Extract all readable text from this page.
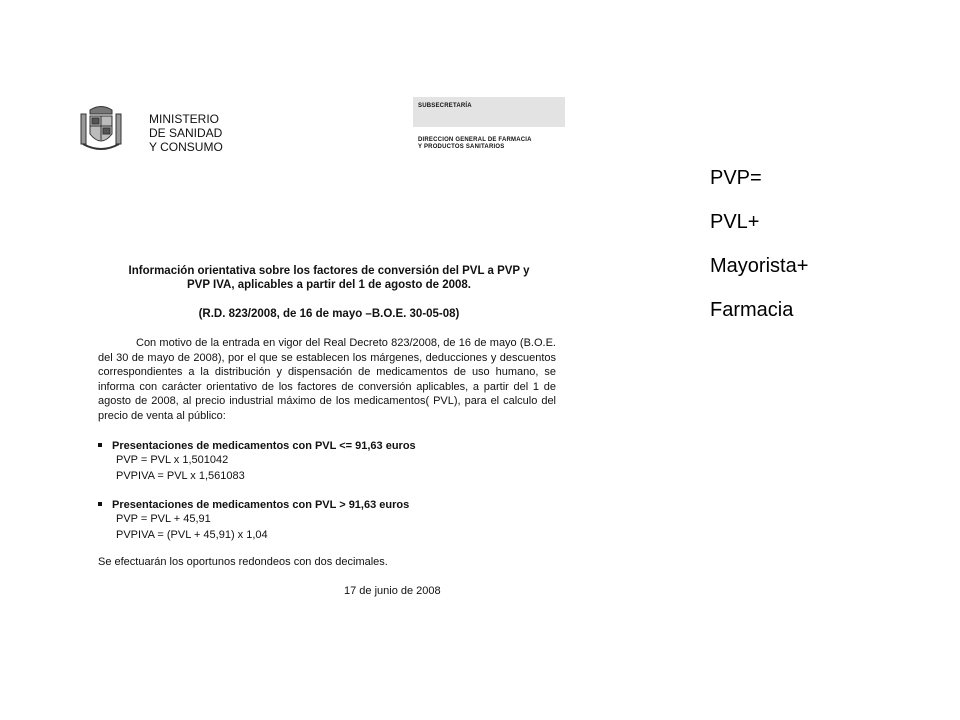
MINISTERIO
DE SANIDAD
Y CONSUMO
SUBSECRETARÍA
DIRECCION GENERAL DE FARMACIA
Y PRODUCTOS SANITARIOS
Información orientativa sobre los factores de conversión del PVL a PVP y
PVP IVA, aplicables a partir del 1 de agosto de 2008.
(R.D. 823/2008, de 16 de mayo –B.O.E. 30-05-08)
Con motivo de la entrada en vigor del Real Decreto 823/2008, de 16 de mayo (B.O.E. del 30 de mayo de 2008), por el que se establecen los márgenes, deducciones y descuentos correspondientes a la distribución y dispensación de medicamentos de uso humano, se informa con carácter orientativo de los factores de conversión aplicables, a partir del 1 de agosto de 2008, al precio industrial máximo de los medicamentos( PVL), para el calculo del precio de venta al público:
Presentaciones de medicamentos con PVL <= 91,63 euros
PVP = PVL x 1,501042
PVPIVA = PVL x 1,561083
Presentaciones de medicamentos con PVL > 91,63 euros
PVP = PVL + 45,91
PVPIVA = (PVL + 45,91) x 1,04
Se efectuarán los oportunos redondeos con dos decimales.
17 de junio de 2008
PVP=
PVL+
Mayorista+
Farmacia
